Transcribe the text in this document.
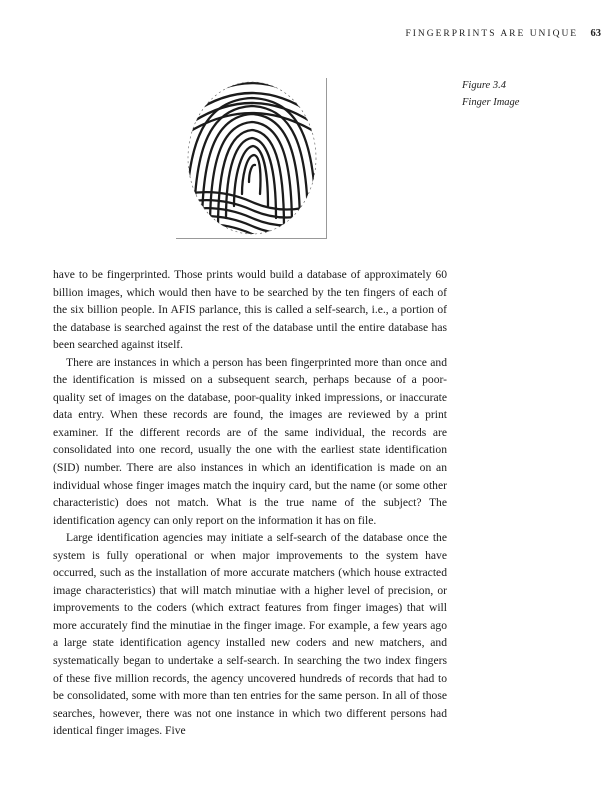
FINGERPRINTS ARE UNIQUE 63
Figure 3.4
Finger Image

have to be fingerprinted. Those prints would build a database of approximately 60 billion images, which would then have to be searched by the ten fingers of each of the six billion people. In AFIS parlance, this is called a self-search, i.e., a portion of the database is searched against the rest of the database until the entire database has been searched against itself.

There are instances in which a person has been fingerprinted more than once and the identification is missed on a subsequent search, perhaps because of a poor-quality set of images on the database, poor-quality inked impressions, or inaccurate data entry. When these records are found, the images are reviewed by a print examiner. If the different records are of the same individual, the records are consolidated into one record, usually the one with the earliest state identification (SID) number. There are also instances in which an identification is made on an individual whose finger images match the inquiry card, but the name (or some other characteristic) does not match. What is the true name of the subject? The identification agency can only report on the information it has on file.

Large identification agencies may initiate a self-search of the database once the system is fully operational or when major improvements to the system have occurred, such as the installation of more accurate matchers (which house extracted image characteristics) that will match minutiae with a higher level of precision, or improvements to the coders (which extract features from finger images) that will more accurately find the minutiae in the finger image. For example, a few years ago a large state identification agency installed new coders and new matchers, and systematically began to undertake a self-search. In searching the two index fingers of these five million records, the agency uncovered hundreds of records that had to be consolidated, some with more than ten entries for the same person. In all of those searches, however, there was not one instance in which two different persons had identical finger images. Five
